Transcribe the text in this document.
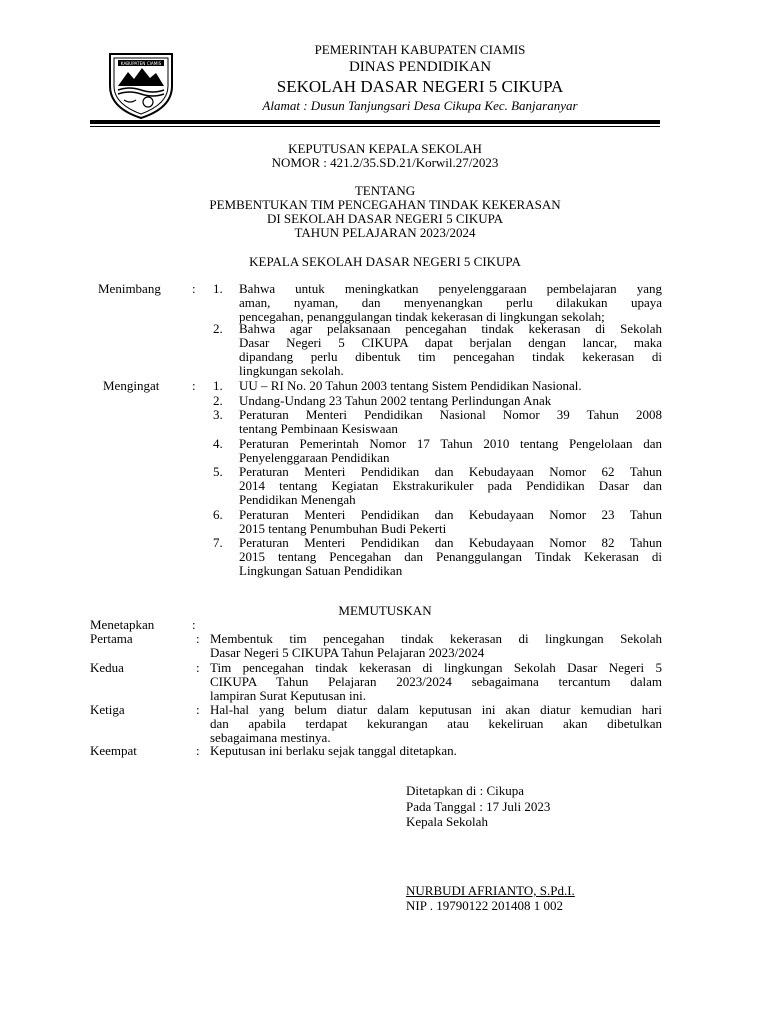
KABUPATEN CIAMIS
PEMERINTAH KABUPATEN CIAMIS
DINAS PENDIDIKAN
SEKOLAH DASAR NEGERI 5 CIKUPA
Alamat : Dusun Tanjungsari Desa Cikupa Kec. Banjaranyar
KEPUTUSAN KEPALA SEKOLAH
NOMOR : 421.2/35.SD.21/Korwil.27/2023
TENTANG
PEMBENTUKAN TIM PENCEGAHAN TINDAK KEKERASAN
DI SEKOLAH DASAR NEGERI 5 CIKUPA
TAHUN PELAJARAN 2023/2024
KEPALA SEKOLAH DASAR NEGERI 5 CIKUPA
Menimbang : 1. Bahwa untuk meningkatkan penyelenggaraan pembelajaran yang
aman, nyaman, dan menyenangkan perlu dilakukan upaya
pencegahan, penanggulangan tindak kekerasan di lingkungan sekolah;
2. Bahwa agar pelaksanaan pencegahan tindak kekerasan di Sekolah
Dasar Negeri 5 CIKUPA dapat berjalan dengan lancar, maka
dipandang perlu dibentuk tim pencegahan tindak kekerasan di
lingkungan sekolah.
Mengingat	: 1. UU – RI No. 20 Tahun 2003 tentang Sistem Pendidikan Nasional.
2. Undang-Undang 23 Tahun 2002 tentang Perlindungan Anak
3. Peraturan Menteri Pendidikan Nasional Nomor 39 Tahun 2008
tentang Pembinaan Kesiswaan
4. Peraturan Pemerintah Nomor 17 Tahun 2010 tentang Pengelolaan dan
Penyelenggaraan Pendidikan
5. Peraturan Menteri Pendidikan dan Kebudayaan Nomor 62 Tahun
2014 tentang Kegiatan Ekstrakurikuler pada Pendidikan Dasar dan
Pendidikan Menengah
6. Peraturan Menteri Pendidikan dan Kebudayaan Nomor 23 Tahun
2015 tentang Penumbuhan Budi Pekerti
7. Peraturan Menteri Pendidikan dan Kebudayaan Nomor 82 Tahun
2015 tentang Pencegahan dan Penanggulangan Tindak Kekerasan di
Lingkungan Satuan Pendidikan
MEMUTUSKAN
Menetapkan	:
Pertama	: Membentuk tim pencegahan tindak kekerasan di lingkungan Sekolah
Dasar Negeri 5 CIKUPA Tahun Pelajaran 2023/2024
Kedua	: Tim pencegahan tindak kekerasan di lingkungan Sekolah Dasar Negeri 5
CIKUPA Tahun Pelajaran 2023/2024 sebagaimana tercantum dalam
lampiran Surat Keputusan ini.
Ketiga	: Hal-hal yang belum diatur dalam keputusan ini akan diatur kemudian hari
dan apabila terdapat kekurangan atau kekeliruan akan dibetulkan
sebagaimana mestinya.
Keempat	: Keputusan ini berlaku sejak tanggal ditetapkan.
Ditetapkan di : Cikupa
Pada Tanggal : 17 Juli 2023
Kepala Sekolah
NURBUDI AFRIANTO, S.Pd.I.
NIP . 19790122 201408 1 002
